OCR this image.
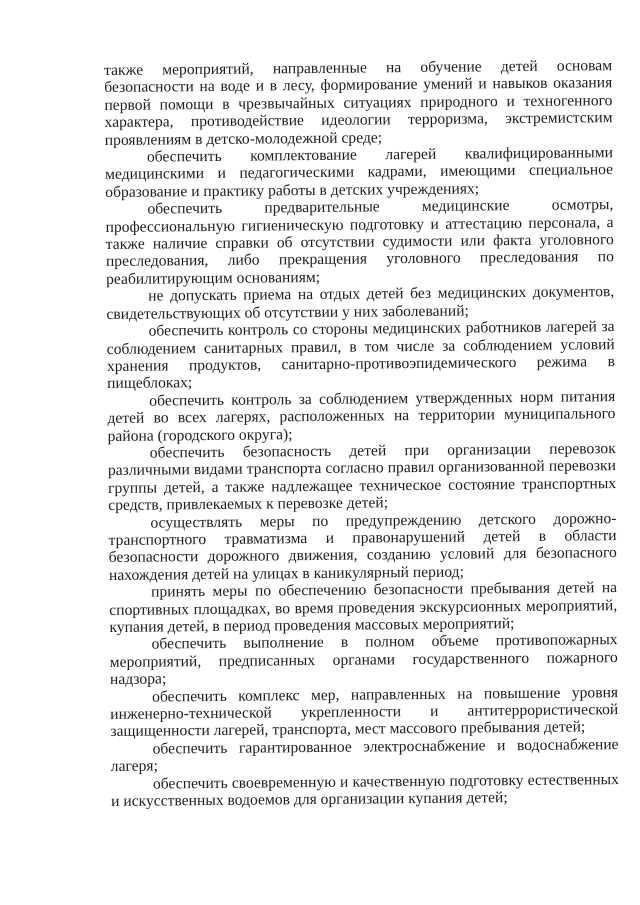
также мероприятий, направленные на обучение детей основам безопасности на воде и в лесу, формирование умений и навыков оказания первой помощи в чрезвычайных ситуациях природного и техногенного характера, противодействие идеологии терроризма, экстремистским проявлениям в детско-молодежной среде;

обеспечить комплектование лагерей квалифицированными медицинскими и педагогическими кадрами, имеющими специальное образование и практику работы в детских учреждениях;

обеспечить предварительные медицинские осмотры, профессиональную гигиеническую подготовку и аттестацию персонала, а также наличие справки об отсутствии судимости или факта уголовного преследования, либо прекращения уголовного преследования по реабилитирующим основаниям;

не допускать приема на отдых детей без медицинских документов, свидетельствующих об отсутствии у них заболеваний;

обеспечить контроль со стороны медицинских работников лагерей за соблюдением санитарных правил, в том числе за соблюдением условий хранения продуктов, санитарно-противоэпидемического режима в пищеблоках;

обеспечить контроль за соблюдением утвержденных норм питания детей во всех лагерях, расположенных на территории муниципального района (городского округа);

обеспечить безопасность детей при организации перевозок различными видами транспорта согласно правил организованной перевозки группы детей, а также надлежащее техническое состояние транспортных средств, привлекаемых к перевозке детей;

осуществлять меры по предупреждению детского дорожно-транспортного травматизма и правонарушений детей в области безопасности дорожного движения, созданию условий для безопасного нахождения детей на улицах в каникулярный период;

принять меры по обеспечению безопасности пребывания детей на спортивных площадках, во время проведения экскурсионных мероприятий, купания детей, в период проведения массовых мероприятий;

обеспечить выполнение в полном объеме противопожарных мероприятий, предписанных органами государственного пожарного надзора;

обеспечить комплекс мер, направленных на повышение уровня инженерно-технической укрепленности и антитеррористической защищенности лагерей, транспорта, мест массового пребывания детей;

обеспечить гарантированное электроснабжение и водоснабжение лагеря;

обеспечить своевременную и качественную подготовку естественных и искусственных водоемов для организации купания детей;
